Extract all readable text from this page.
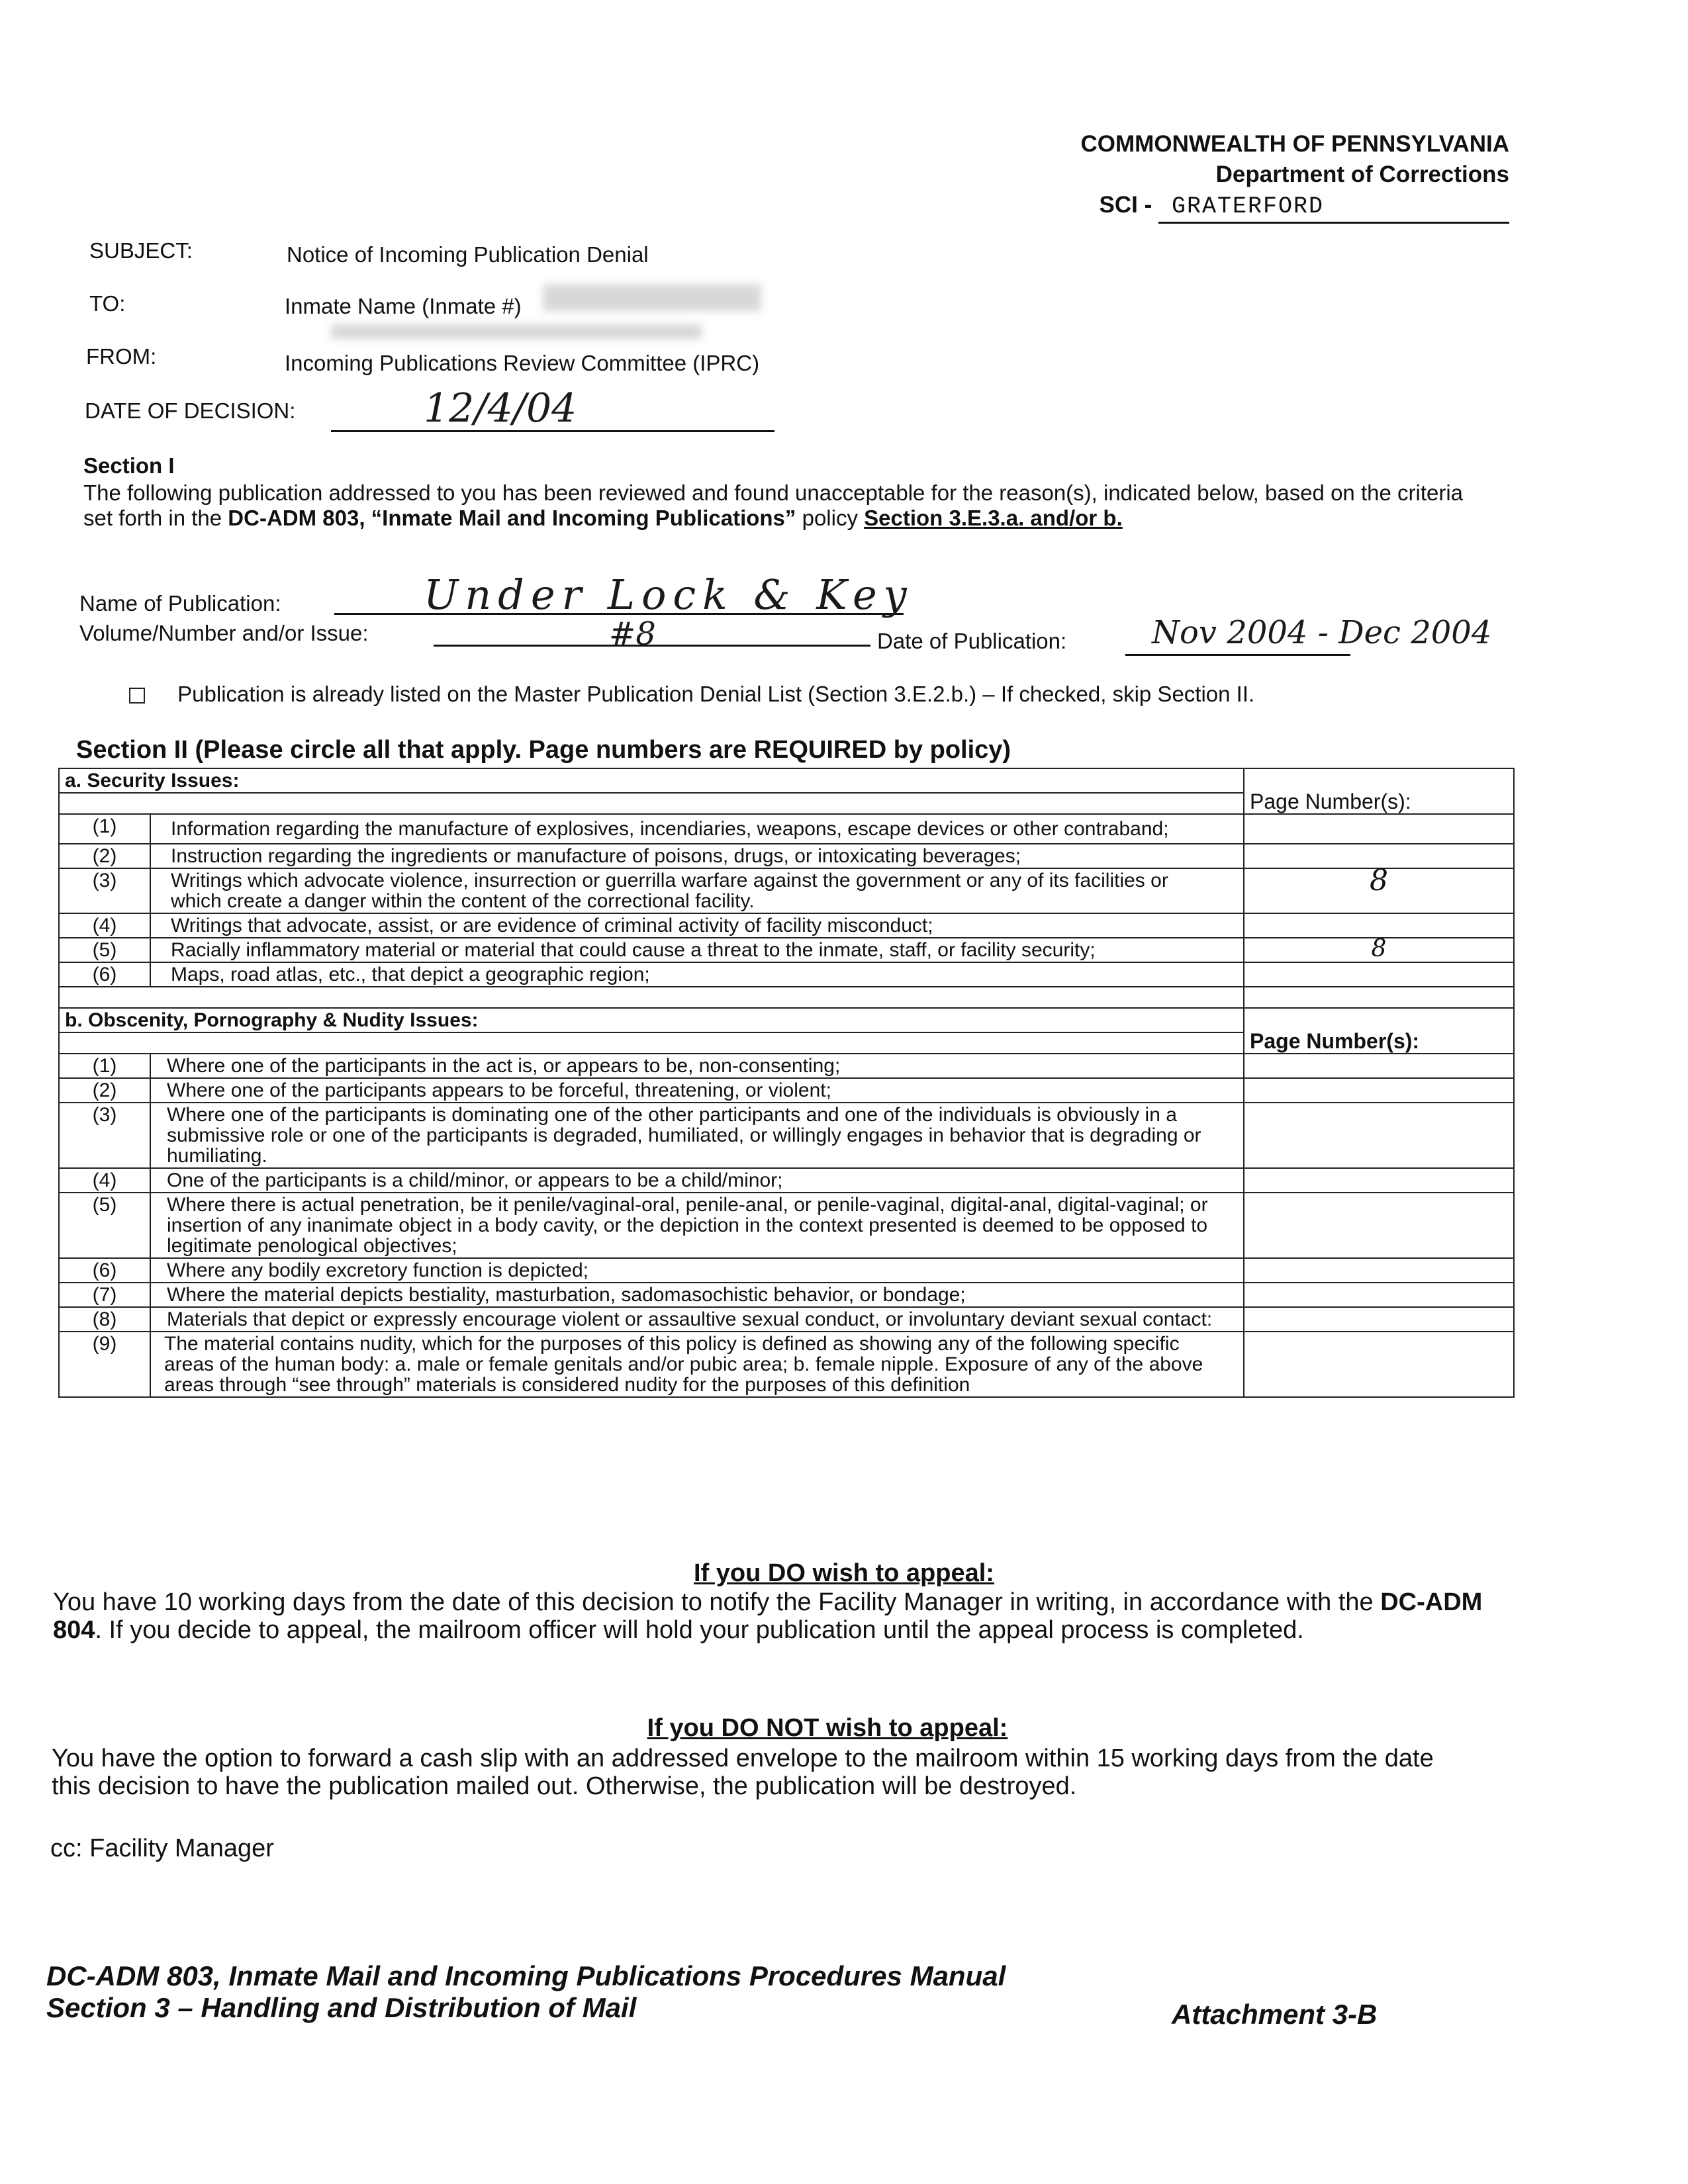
COMMONWEALTH OF PENNSYLVANIA
Department of Corrections
SCI - GRATERFORD
SUBJECT:	Notice of Incoming Publication Denial
TO:	Inmate Name (Inmate #)
FROM:	Incoming Publications Review Committee (IPRC)
DATE OF DECISION:	12/4/04
Section I
The following publication addressed to you has been reviewed and found unacceptable for the reason(s), indicated below, based on the criteria set forth in the DC-ADM 803, “Inmate Mail and Incoming Publications” policy Section 3.E.3.a. and/or b.
Name of Publication:	Under Lock & Key
Volume/Number and/or Issue:	#8	Date of Publication:	Nov 2004 - Dec 2004
Publication is already listed on the Master Publication Denial List (Section 3.E.2.b.) – If checked, skip Section II.
Section II (Please circle all that apply. Page numbers are REQUIRED by policy)
a. Security Issues:		Page Number(s):

(1)	Information regarding the manufacture of explosives, incendiaries, weapons, escape devices or other contraband;	
(2)	Instruction regarding the ingredients or manufacture of poisons, drugs, or intoxicating beverages;	
(3)	Writings which advocate violence, insurrection or guerrilla warfare against the government or any of its facilities or which create a danger within the content of the correctional facility.	8
(4)	Writings that advocate, assist, or are evidence of criminal activity of facility misconduct;	
(5)	Racially inflammatory material or material that could cause a threat to the inmate, staff, or facility security;	8
(6)	Maps, road atlas, etc., that depict a geographic region;	

b. Obscenity, Pornography & Nudity Issues:		Page Number(s):

(1)	Where one of the participants in the act is, or appears to be, non-consenting;	
(2)	Where one of the participants appears to be forceful, threatening, or violent;	
(3)	Where one of the participants is dominating one of the other participants and one of the individuals is obviously in a submissive role or one of the participants is degraded, humiliated, or willingly engages in behavior that is degrading or humiliating.	
(4)	One of the participants is a child/minor, or appears to be a child/minor;	
(5)	Where there is actual penetration, be it penile/vaginal-oral, penile-anal, or penile-vaginal, digital-anal, digital-vaginal; or insertion of any inanimate object in a body cavity, or the depiction in the context presented is deemed to be opposed to legitimate penological objectives;	
(6)	Where any bodily excretory function is depicted;	
(7)	Where the material depicts bestiality, masturbation, sadomasochistic behavior, or bondage;	
(8)	Materials that depict or expressly encourage violent or assaultive sexual conduct, or involuntary deviant sexual contact:	
(9)	The material contains nudity, which for the purposes of this policy is defined as showing any of the following specific areas of the human body: a. male or female genitals and/or pubic area; b. female nipple. Exposure of any of the above areas through “see through” materials is considered nudity for the purposes of this definition	
If you DO wish to appeal:
You have 10 working days from the date of this decision to notify the Facility Manager in writing, in accordance with the DC-ADM 804. If you decide to appeal, the mailroom officer will hold your publication until the appeal process is completed.
If you DO NOT wish to appeal:
You have the option to forward a cash slip with an addressed envelope to the mailroom within 15 working days from the date this decision to have the publication mailed out. Otherwise, the publication will be destroyed.
cc: Facility Manager
DC-ADM 803, Inmate Mail and Incoming Publications Procedures Manual
Section 3 – Handling and Distribution of Mail	Attachment 3-B
